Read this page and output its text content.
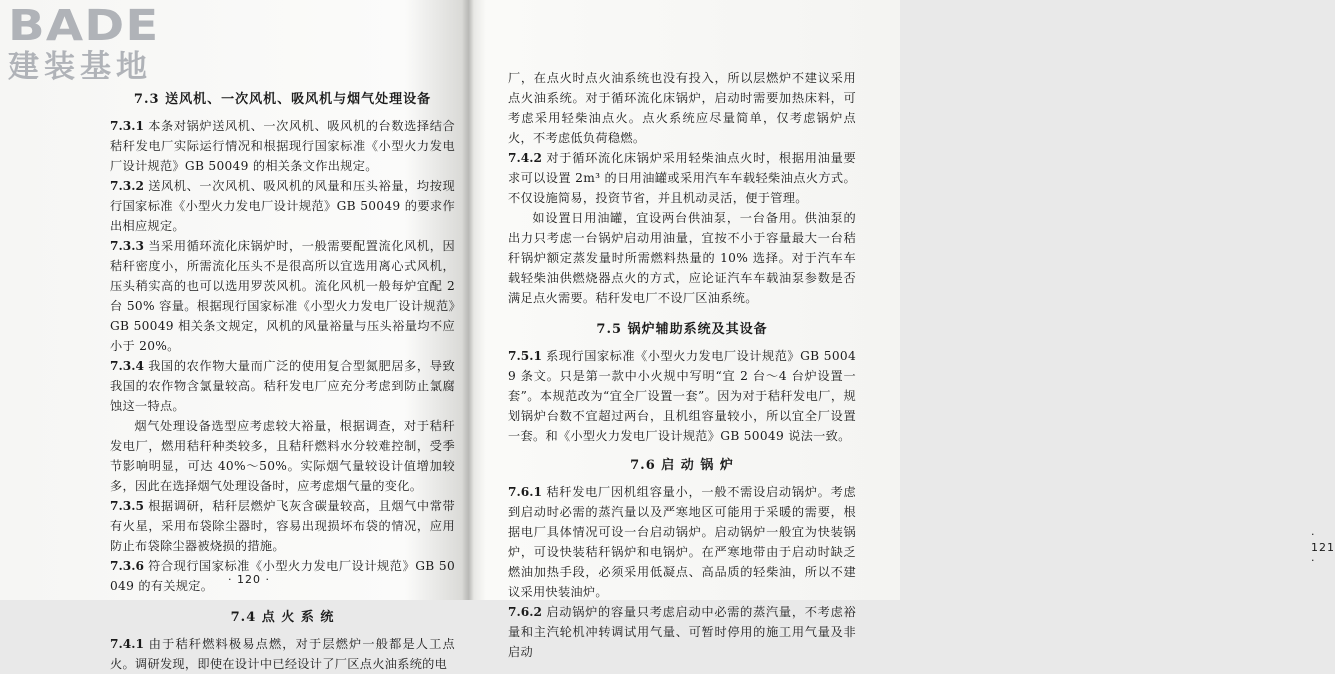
BADE
建装基地
7.3 送风机、一次风机、吸风机与烟气处理设备

7.3.1 本条对锅炉送风机、一次风机、吸风机的台数选择结合秸秆发电厂实际运行情况和根据现行国家标准《小型火力发电厂设计规范》GB 50049 的相关条文作出规定。

7.3.2 送风机、一次风机、吸风机的风量和压头裕量，均按现行国家标准《小型火力发电厂设计规范》GB 50049 的要求作出相应规定。

7.3.3 当采用循环流化床锅炉时，一般需要配置流化风机，因秸秆密度小，所需流化压头不是很高所以宜选用离心式风机，压头稍实高的也可以选用罗茨风机。流化风机一般每炉宜配 2 台 50% 容量。根据现行国家标准《小型火力发电厂设计规范》GB 50049 相关条文规定，风机的风量裕量与压头裕量均不应小于 20%。

7.3.4 我国的农作物大量而广泛的使用复合型氮肥居多，导致我国的农作物含氯量较高。秸秆发电厂应充分考虑到防止氯腐蚀这一特点。

烟气处理设备选型应考虑较大裕量，根据调查，对于秸秆发电厂，燃用秸秆种类较多，且秸秆燃料水分较难控制，受季节影响明显，可达 40%～50%。实际烟气量较设计值增加较多，因此在选择烟气处理设备时，应考虑烟气量的变化。

7.3.5 根据调研，秸秆层燃炉飞灰含碳量较高，且烟气中常带有火星，采用布袋除尘器时，容易出现损坏布袋的情况，应用防止布袋除尘器被烧损的措施。

7.3.6 符合现行国家标准《小型火力发电厂设计规范》GB 50049 的有关规定。

7.4 点 火 系 统

7.4.1 由于秸秆燃料极易点燃，对于层燃炉一般都是人工点火。调研发现，即使在设计中已经设计了厂区点火油系统的电

· 120 ·

厂，在点火时点火油系统也没有投入，所以层燃炉不建议采用点火油系统。对于循环流化床锅炉，启动时需要加热床料，可考虑采用轻柴油点火。点火系统应尽量简单，仅考虑锅炉点火，不考虑低负荷稳燃。

7.4.2 对于循环流化床锅炉采用轻柴油点火时，根据用油量要求可以设置 2m³ 的日用油罐或采用汽车车载轻柴油点火方式。不仅设施简易，投资节省，并且机动灵活，便于管理。

如设置日用油罐，宜设两台供油泵，一台备用。供油泵的出力只考虑一台锅炉启动用油量，宜按不小于容量最大一台秸秆锅炉额定蒸发量时所需燃料热量的 10% 选择。对于汽车车载轻柴油供燃烧器点火的方式，应论证汽车车载油泵参数是否满足点火需要。秸秆发电厂不设厂区油系统。

7.5 锅炉辅助系统及其设备

7.5.1 系现行国家标准《小型火力发电厂设计规范》GB 50049 条文。只是第一款中小火规中写明“宜 2 台～4 台炉设置一套”。本规范改为“宜全厂设置一套”。因为对于秸秆发电厂，规划锅炉台数不宜超过两台，且机组容量较小，所以宜全厂设置一套。和《小型火力发电厂设计规范》GB 50049 说法一致。

7.6 启 动 锅 炉

7.6.1 秸秆发电厂因机组容量小，一般不需设启动锅炉。考虑到启动时必需的蒸汽量以及严寒地区可能用于采暖的需要，根据电厂具体情况可设一台启动锅炉。启动锅炉一般宜为快装锅炉，可设快装秸秆锅炉和电锅炉。在严寒地带由于启动时缺乏燃油加热手段，必须采用低凝点、高品质的轻柴油，所以不建议采用快装油炉。

7.6.2 启动锅炉的容量只考虑启动中必需的蒸汽量，不考虑裕量和主汽轮机冲转调试用气量、可暂时停用的施工用气量及非启动

· 121 ·
